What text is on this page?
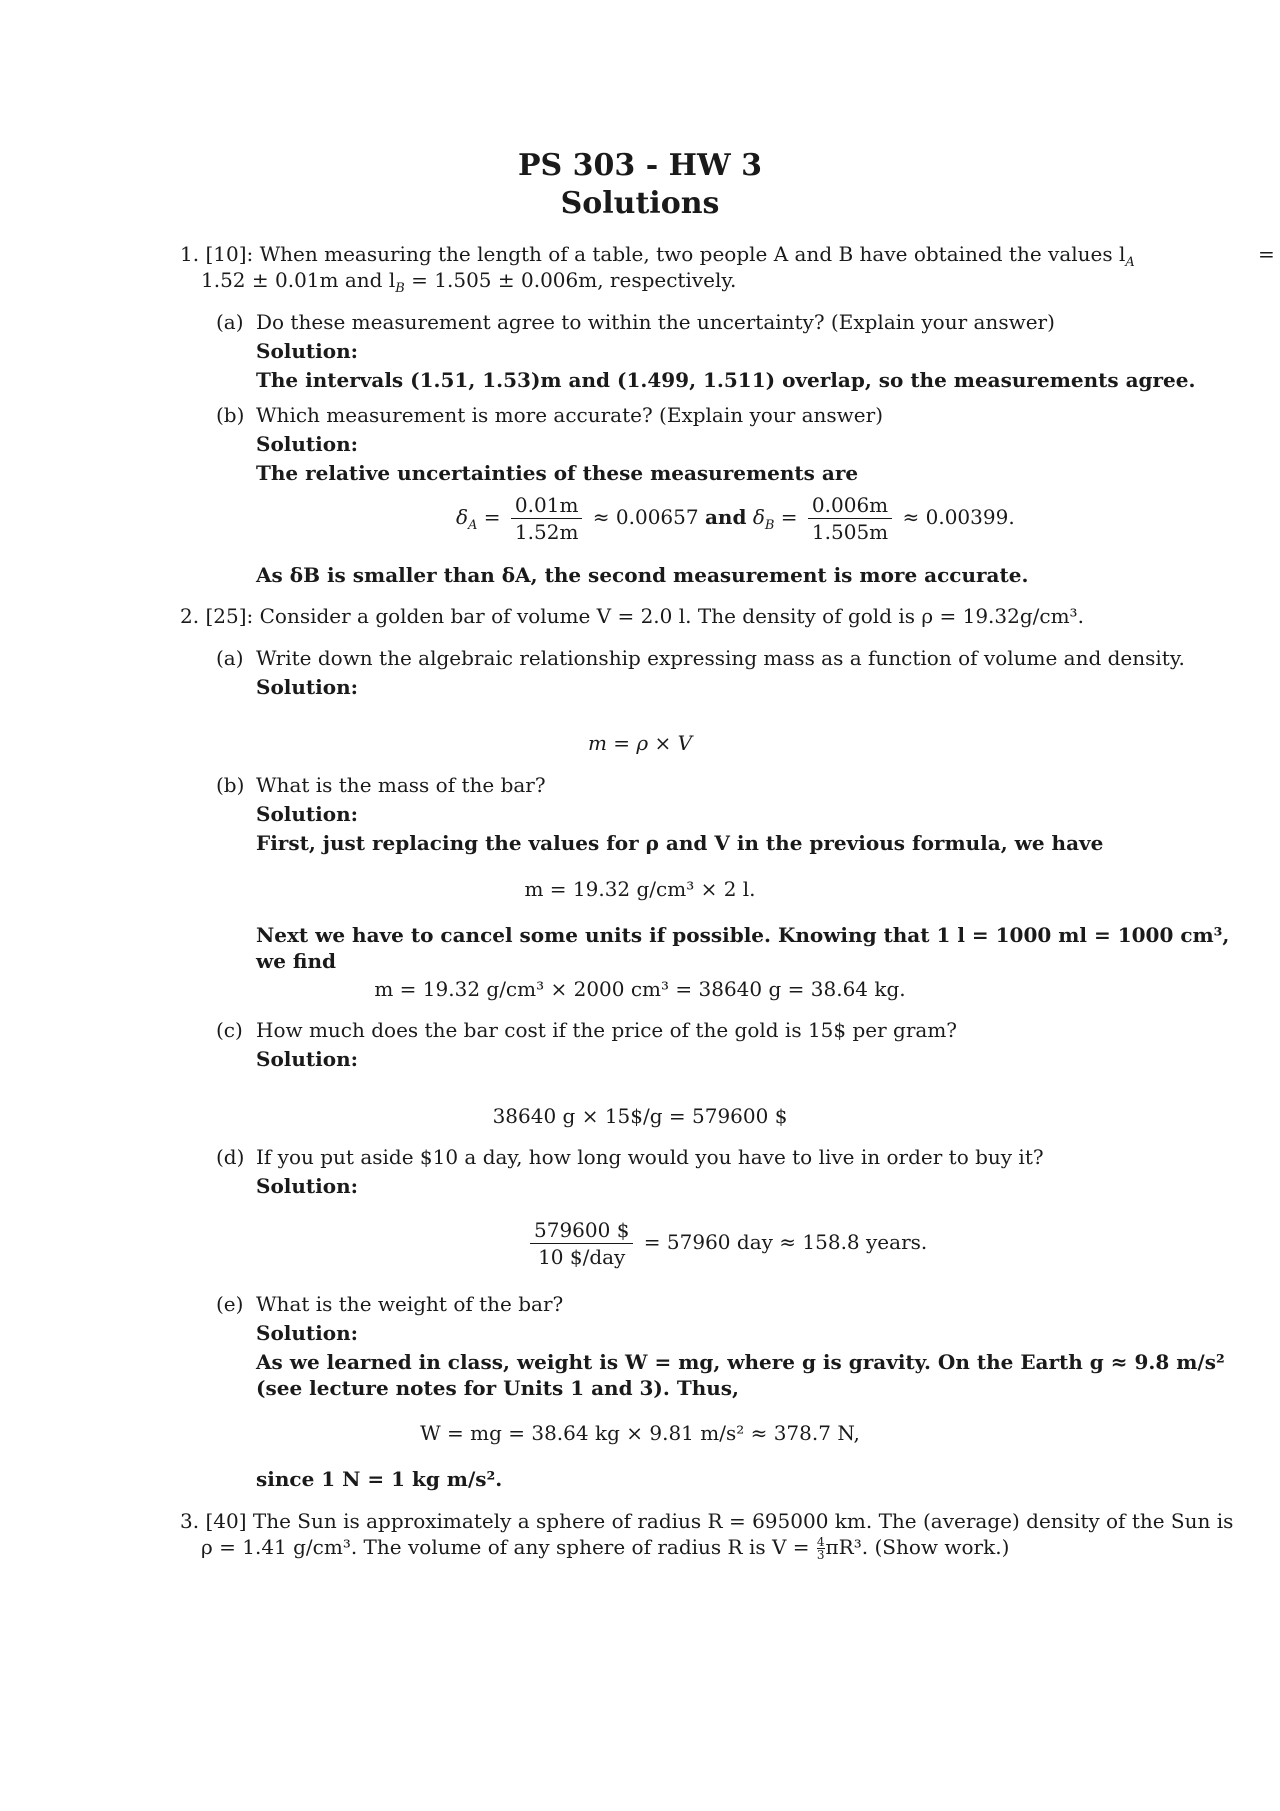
PS 303 - HW 3
Solutions
1. [10]: When measuring the length of a table, two people A and B have obtained the values $l_A$	=
1.52 ± 0.01m and $l_B = 1.505 \pm 0.006m$, respectively.
(a) Do these measurement agree to within the uncertainty? (Explain your answer)
Solution:
The intervals (1.51, 1.53)m and (1.499, 1.511) overlap, so the measurements agree.
(b) Which measurement is more accurate? (Explain your answer)
Solution:
The relative uncertainties of these measurements are
$\delta_A = \frac{0.01m}{1.52m} \approx 0.00657$ and $\delta_B = \frac{0.006m}{1.505m} \approx 0.00399$.
As δB is smaller than δA, the second measurement is more accurate.
2. [25]: Consider a golden bar of volume V = 2.0 l. The density of gold is ρ = 19.32g/cm³.
(a) Write down the algebraic relationship expressing mass as a function of volume and density.
Solution:
m = ρ × V
(b) What is the mass of the bar?
Solution:
First, just replacing the values for ρ and V in the previous formula, we have
m = 19.32 g/cm³ × 2 l.
Next we have to cancel some units if possible. Knowing that 1 l = 1000 ml = 1000 cm³,
we find
m = 19.32 g/cm³ × 2000 cm³ = 38640 g = 38.64 kg.
(c) How much does the bar cost if the price of the gold is 15$ per gram?
Solution:
38640 g × 15$/g = 579600 $
(d) If you put aside $10 a day, how long would you have to live in order to buy it?
Solution:
$\frac{579600 \$}{\text{10 \$/day}} = 57960$ day ≈ 158.8 years.
(e) What is the weight of the bar?
Solution:
As we learned in class, weight is W = mg, where g is gravity. On the Earth g ≈ 9.8 m/s²
(see lecture notes for Units 1 and 3). Thus,
W = mg = 38.64 kg × 9.81 m/s² ≈ 378.7 N,
since 1 N = 1 kg m/s².
3. [40] The Sun is approximately a sphere of radius R = 695000 km. The (average) density of the Sun is
ρ = 1.41 g/cm³. The volume of any sphere of radius R is $V = \frac{4}{3} \pi R^3$. (Show work.)
